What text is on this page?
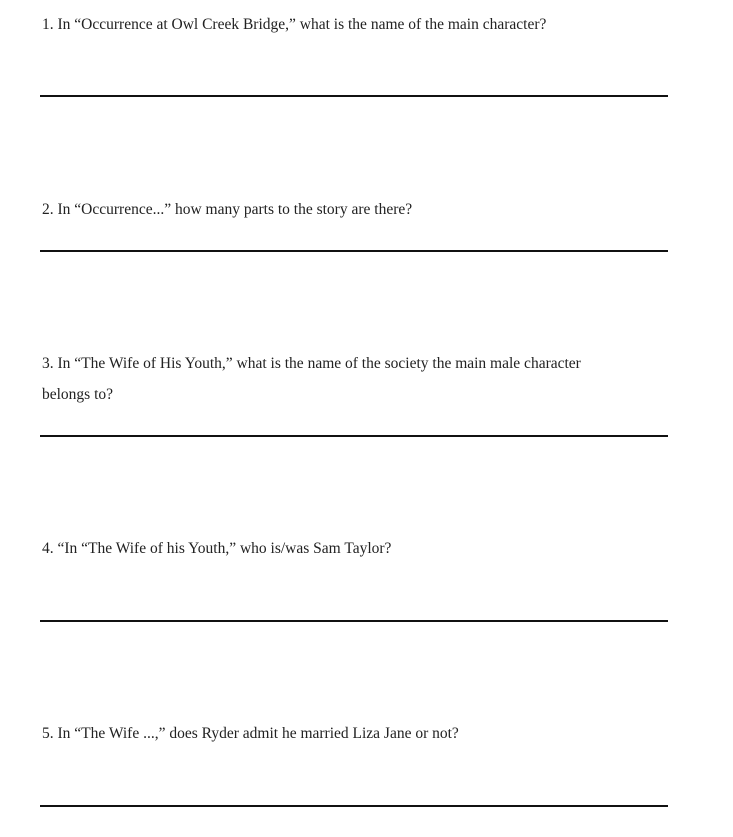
1. In “Occurrence at Owl Creek Bridge,” what is the name of the main character?

2. In “Occurrence...” how many parts to the story are there?

3. In “The Wife of His Youth,” what is the name of the society the main male character

belongs to?

4. “In “The Wife of his Youth,” who is/was Sam Taylor?

5. In “The Wife ...,” does Ryder admit he married Liza Jane or not?
